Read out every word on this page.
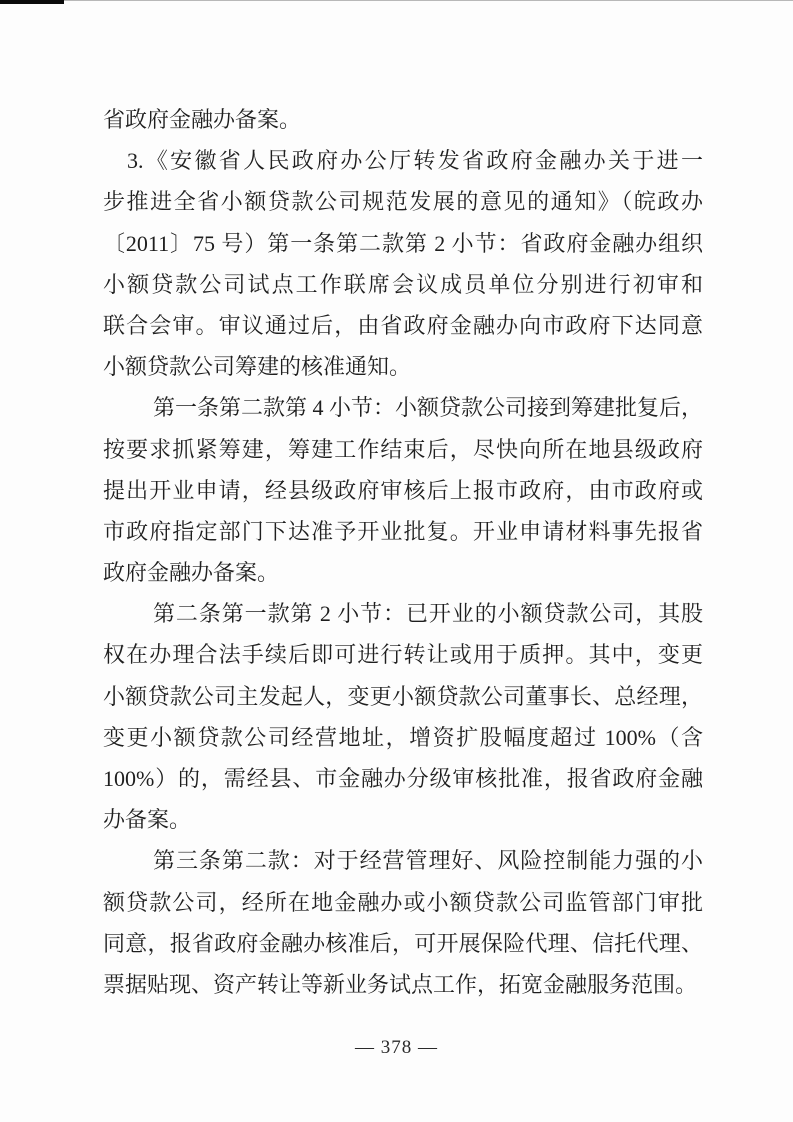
省政府金融办备案。
3.《安徽省人民政府办公厅转发省政府金融办关于进一
步推进全省小额贷款公司规范发展的意见的通知》（皖政办
〔2011〕75 号）第一条第二款第 2 小节：省政府金融办组织
小额贷款公司试点工作联席会议成员单位分别进行初审和
联合会审。审议通过后，由省政府金融办向市政府下达同意
小额贷款公司筹建的核准通知。
第一条第二款第 4 小节：小额贷款公司接到筹建批复后，
按要求抓紧筹建，筹建工作结束后，尽快向所在地县级政府
提出开业申请，经县级政府审核后上报市政府，由市政府或
市政府指定部门下达准予开业批复。开业申请材料事先报省
政府金融办备案。
第二条第一款第 2 小节：已开业的小额贷款公司，其股
权在办理合法手续后即可进行转让或用于质押。其中，变更
小额贷款公司主发起人，变更小额贷款公司董事长、总经理，
变更小额贷款公司经营地址，增资扩股幅度超过 100%（含
100%）的，需经县、市金融办分级审核批准，报省政府金融
办备案。
第三条第二款：对于经营管理好、风险控制能力强的小
额贷款公司，经所在地金融办或小额贷款公司监管部门审批
同意，报省政府金融办核准后，可开展保险代理、信托代理、
票据贴现、资产转让等新业务试点工作，拓宽金融服务范围。
— 378 —
